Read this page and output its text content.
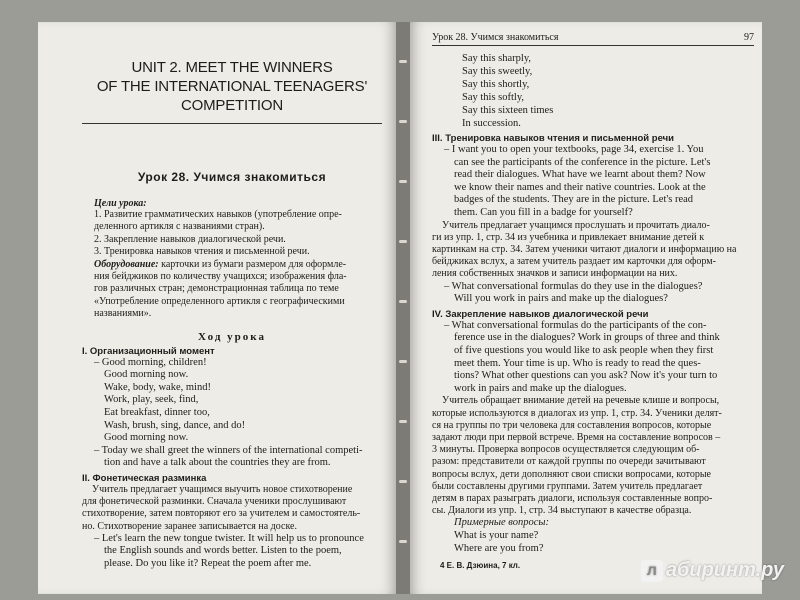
UNIT 2. MEET THE WINNERS
OF THE INTERNATIONAL TEENAGERS'
COMPETITION
Урок 28. Учимся знакомиться
Цели урока:
1. Развитие грамматических навыков (употребление опре-
деленного артикля с названиями стран).
2. Закрепление навыков диалогической речи.
3. Тренировка навыков чтения и письменной речи.
Оборудование: карточки из бумаги размером для оформле-
ния бейджиков по количеству учащихся; изображения фла-
гов различных стран; демонстрационная таблица по теме
«Употребление определенного артикля с географическими
названиями».
Ход урока
I. Организационный момент
– Good morning, children!
Good morning now.
Wake, body, wake, mind!
Work, play, seek, find,
Eat breakfast, dinner too,
Wash, brush, sing, dance, and do!
Good morning now.
– Today we shall greet the winners of the international competi-
tion and have a talk about the countries they are from.
II. Фонетическая разминка
Учитель предлагает учащимся выучить новое стихотворение
для фонетической разминки. Сначала ученики прослушивают
стихотворение, затем повторяют его за учителем и самостоятель-
но. Стихотворение заранее записывается на доске.
– Let's learn the new tongue twister. It will help us to pronounce
the English sounds and words better. Listen to the poem,
please. Do you like it? Repeat the poem after me.
Урок 28. Учимся знакомиться	97
Say this sharply,
Say this sweetly,
Say this shortly,
Say this softly,
Say this sixteen times
In succession.
III. Тренировка навыков чтения и письменной речи
– I want you to open your textbooks, page 34, exercise 1. You
can see the participants of the conference in the picture. Let's
read their dialogues. What have we learnt about them? Now
we know their names and their native countries. Look at the
badges of the students. They are in the picture. Let's read
them. Can you fill in a badge for yourself?
Учитель предлагает учащимся прослушать и прочитать диало-
ги из упр. 1, стр. 34 из учебника и привлекает внимание детей к
картинкам на стр. 34. Затем ученики читают диалоги и информацию на
бейджиках вслух, а затем учитель раздает им карточки для оформ-
ления собственных значков и записи информации на них.
– What conversational formulas do they use in the dialogues?
Will you work in pairs and make up the dialogues?
IV. Закрепление навыков диалогической речи
– What conversational formulas do the participants of the con-
ference use in the dialogues? Work in groups of three and think
of five questions you would like to ask people when they first
meet them. Your time is up. Who is ready to read the ques-
tions? What other questions can you ask? Now it's your turn to
work in pairs and make up the dialogues.
Учитель обращает внимание детей на речевые клише и вопросы,
которые используются в диалогах из упр. 1, стр. 34. Ученики делят-
ся на группы по три человека для составления вопросов, которые
задают люди при первой встрече. Время на составление вопросов –
3 минуты. Проверка вопросов осуществляется следующим об-
разом: представители от каждой группы по очереди зачитывают
вопросы вслух, дети дополняют свои списки вопросами, которые
были составлены другими группами. Затем учитель предлагает
детям в парах разыграть диалоги, используя составленные вопро-
сы. Диалоги из упр. 1, стр. 34 выступают в качестве образца.
Примерные вопросы:
What is your name?
Where are you from?
4 Е. В. Дзюина, 7 кл.	л абиринт.ру
